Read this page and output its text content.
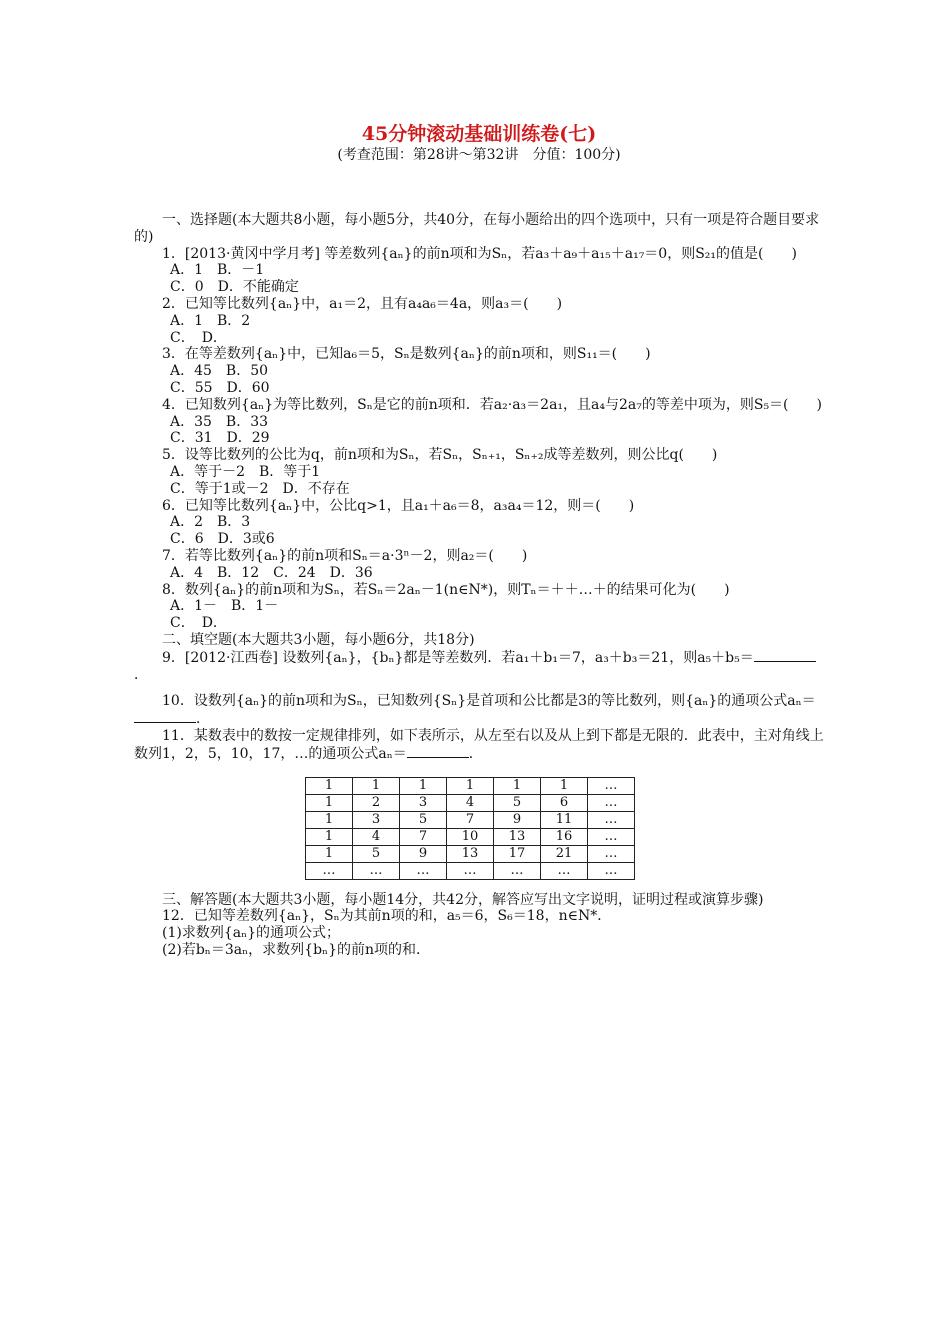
45分钟滚动基础训练卷(七)
(考查范围：第28讲～第32讲　分值：100分)

一、选择题(本大题共8小题，每小题5分，共40分，在每小题给出的四个选项中，只有一项是符合题目要求的)

1．[2013·黄冈中学月考] 等差数列{aₙ}的前n项和为Sₙ，若a₃＋a₉＋a₁₅＋a₁₇＝0，则S₂₁的值是(　　)

A．1　B．－1

C．0　D．不能确定

2．已知等比数列{aₙ}中，a₁＝2，且有a₄a₆＝4a，则a₃＝(　　)

A．1　B．2

C．　D．

3．在等差数列{aₙ}中，已知a₆＝5，Sₙ是数列{aₙ}的前n项和，则S₁₁＝(　　)

A．45　B．50

C．55　D．60

4．已知数列{aₙ}为等比数列，Sₙ是它的前n项和．若a₂·a₃＝2a₁，且a₄与2a₇的等差中项为，则S₅＝(　　)

A．35　B．33

C．31　D．29

5．设等比数列的公比为q，前n项和为Sₙ，若Sₙ，Sₙ₊₁，Sₙ₊₂成等差数列，则公比q(　　)

A．等于－2　B．等于1

C．等于1或－2　D．不存在

6．已知等比数列{aₙ}中，公比q>1，且a₁＋a₆＝8，a₃a₄＝12，则＝(　　)

A．2　B．3

C．6　D．3或6

7．若等比数列{aₙ}的前n项和Sₙ＝a·3ⁿ－2，则a₂＝(　　)

A．4　B．12　C．24　D．36

8．数列{aₙ}的前n项和为Sₙ，若Sₙ＝2aₙ－1(n∈N*)，则Tₙ＝＋＋…＋的结果可化为(　　)

A．1－　B．1－

C．　D．

二、填空题(本大题共3小题，每小题6分，共18分)

9．[2012·江西卷] 设数列{aₙ}，{bₙ}都是等差数列．若a₁＋b₁＝7，a₃＋b₃＝21，则a₅＋b₅＝．

10．设数列{aₙ}的前n项和为Sₙ，已知数列{Sₙ}是首项和公比都是3的等比数列，则{aₙ}的通项公式aₙ＝．

11．某数表中的数按一定规律排列，如下表所示，从左至右以及从上到下都是无限的．此表中，主对角线上数列1，2，5，10，17，…的通项公式aₙ＝	．

1	1	1	1	1	1	…
1	2	3	4	5	6	…
1	3	5	7	9	11	…
1	4	7	10	13	16	…
1	5	9	13	17	21	…
…	…	…	…	…	…	…

三、解答题(本大题共3小题，每小题14分，共42分，解答应写出文字说明，证明过程或演算步骤)

12．已知等差数列{aₙ}，Sₙ为其前n项的和，a₅＝6，S₆＝18，n∈N*．

(1)求数列{aₙ}的通项公式；

(2)若bₙ＝3aₙ，求数列{bₙ}的前n项的和．
